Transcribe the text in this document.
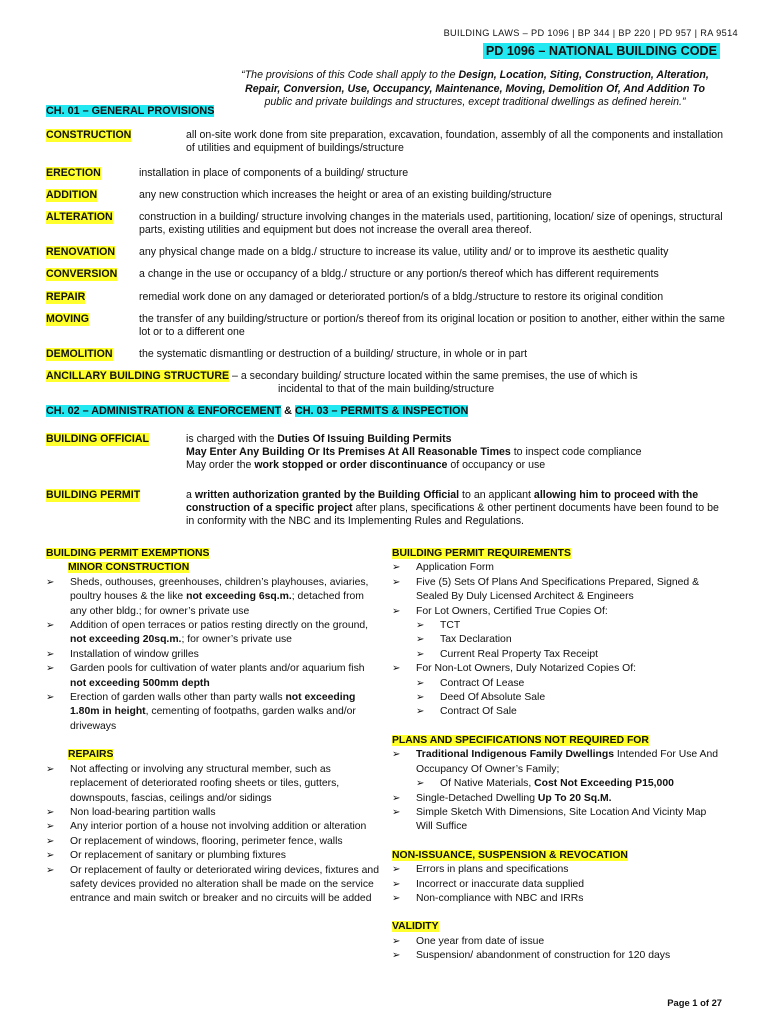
BUILDING LAWS – PD 1096 | BP 344 | BP 220 | PD 957 | RA 9514
PD 1096 – NATIONAL BUILDING CODE
“The provisions of this Code shall apply to the Design, Location, Siting, Construction, Alteration, Repair, Conversion, Use, Occupancy, Maintenance, Moving, Demolition Of, And Addition To public and private buildings and structures, except traditional dwellings as defined herein.”
CH. 01 – GENERAL PROVISIONS
CONSTRUCTION	all on-site work done from site preparation, excavation, foundation, assembly of all the components and installation of utilities and equipment of buildings/structure
ERECTION	installation in place of components of a building/ structure
ADDITION	any new construction which increases the height or area of an existing building/structure
ALTERATION construction in a building/ structure involving changes in the materials used, partitioning, location/ size of openings, structural parts, existing utilities and equipment but does not increase the overall area thereof.
RENOVATION any physical change made on a bldg./ structure to increase its value, utility and/ or to improve its aesthetic quality
CONVERSION a change in the use or occupancy of a bldg./ structure or any portion/s thereof which has different requirements
REPAIR	remedial work done on any damaged or deteriorated portion/s of a bldg./structure to restore its original condition
MOVING	the transfer of any building/structure or portion/s thereof from its original location or position to another, either within the same lot or to a different one
DEMOLITION the systematic dismantling or destruction of a building/ structure, in whole or in part
ANCILLARY BUILDING STRUCTURE – a secondary building/ structure located within the same premises, the use of which is
incidental to that of the main building/structure
CH. 02 – ADMINISTRATION & ENFORCEMENT & CH. 03 – PERMITS & INSPECTION
BUILDING OFFICIAL	is charged with the Duties Of Issuing Building Permits
May Enter Any Building Or Its Premises At All Reasonable Times to inspect code compliance
May order the work stopped or order discontinuance of occupancy or use
BUILDING PERMIT	a written authorization granted by the Building Official to an applicant allowing him to proceed with the construction of a specific project after plans, specifications & other pertinent documents have been found to be in conformity with the NBC and its Implementing Rules and Regulations.
BUILDING PERMIT EXEMPTIONS
MINOR CONSTRUCTION
➢ Sheds, outhouses, greenhouses, children’s playhouses, aviaries, poultry houses & the like not exceeding 6sq.m.; detached from any other bldg.; for owner’s private use
➢ Addition of open terraces or patios resting directly on the ground, not exceeding 20sq.m.; for owner’s private use
➢ Installation of window grilles
➢ Garden pools for cultivation of water plants and/or aquarium fish not exceeding 500mm depth
➢ Erection of garden walls other than party walls not exceeding 1.80m in height, cementing of footpaths, garden walks and/or driveways
REPAIRS
➢ Not affecting or involving any structural member, such as replacement of deteriorated roofing sheets or tiles, gutters, downspouts, fascias, ceilings and/or sidings
➢ Non load-bearing partition walls
➢ Any interior portion of a house not involving addition or alteration
➢ Or replacement of windows, flooring, perimeter fence, walls
➢ Or replacement of sanitary or plumbing fixtures
➢ Or replacement of faulty or deteriorated wiring devices, fixtures and safety devices provided no alteration shall be made on the service entrance and main switch or breaker and no circuits will be added
BUILDING PERMIT REQUIREMENTS
➢ Application Form
➢ Five (5) Sets Of Plans And Specifications Prepared, Signed & Sealed By Duly Licensed Architect & Engineers
➢ For Lot Owners, Certified True Copies Of:
➢ TCT
➢ Tax Declaration
➢ Current Real Property Tax Receipt
➢ For Non-Lot Owners, Duly Notarized Copies Of:
➢ Contract Of Lease
➢ Deed Of Absolute Sale
➢ Contract Of Sale
PLANS AND SPECIFICATIONS NOT REQUIRED FOR
➢ Traditional Indigenous Family Dwellings Intended For Use And Occupancy Of Owner’s Family;
➢ Of Native Materials, Cost Not Exceeding P15,000
➢ Single-Detached Dwelling Up To 20 Sq.M.
➢ Simple Sketch With Dimensions, Site Location And Vicinty Map Will Suffice
NON-ISSUANCE, SUSPENSION & REVOCATION
➢ Errors in plans and specifications
➢ Incorrect or inaccurate data supplied
➢ Non-compliance with NBC and IRRs
VALIDITY
➢ One year from date of issue
➢ Suspension/ abandonment of construction for 120 days
Page 1 of 27
